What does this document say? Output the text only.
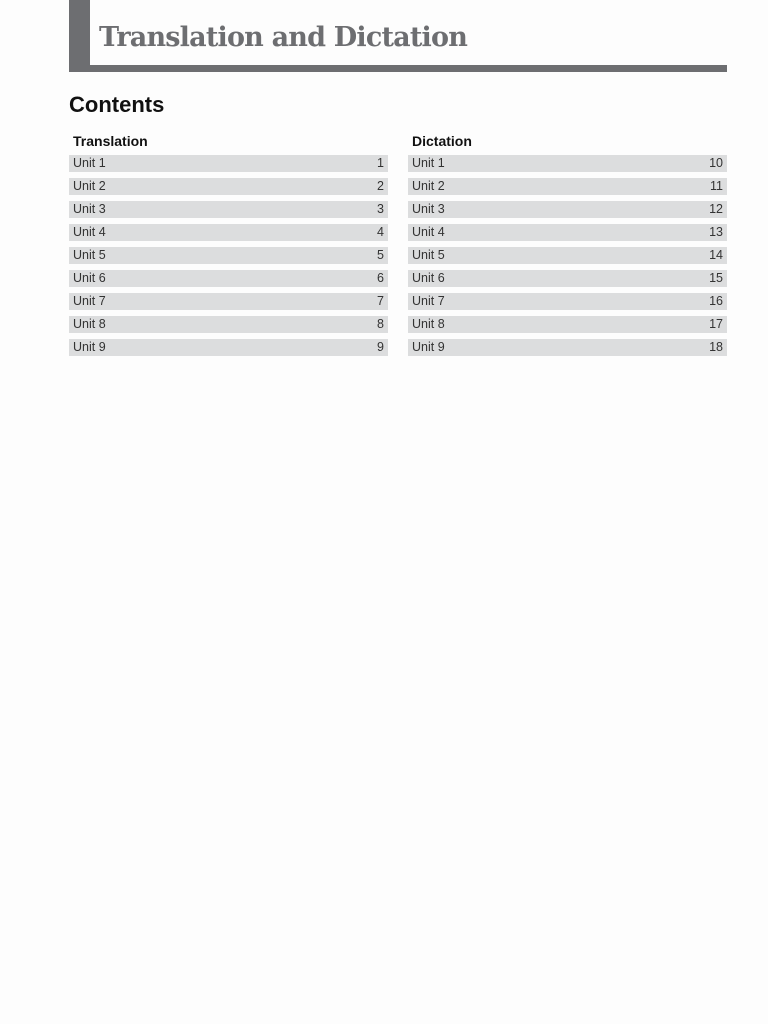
Translation and Dictation
Contents
Translation
Unit 1	1
Unit 2	2
Unit 3	3
Unit 4	4
Unit 5	5
Unit 6	6
Unit 7	7
Unit 8	8
Unit 9	9
Dictation
Unit 1	10
Unit 2	11
Unit 3	12
Unit 4	13
Unit 5	14
Unit 6	15
Unit 7	16
Unit 8	17
Unit 9	18
